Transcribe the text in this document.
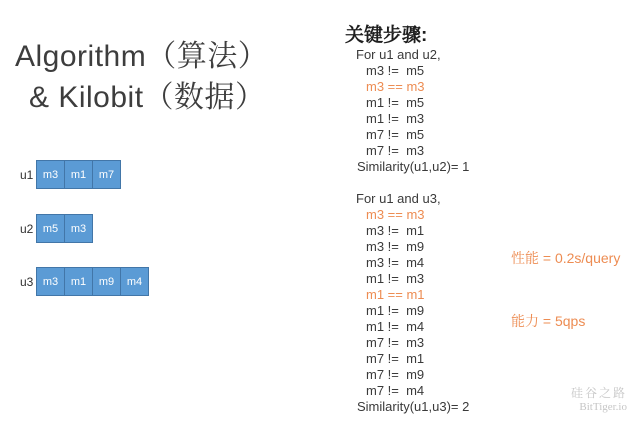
Algorithm（算法）
& Kilobit（数据）
u1 m3	m1	m7
u2 m5	m3
u3 m3	m1	m9	m4
关键步骤:
For u1 and u2,
m3 !=  m5
m3 == m3
m1 !=  m5
m1 !=  m3
m7 !=  m5
m7 !=  m3
Similarity(u1,u2)= 1
For u1 and u3,
m3 == m3
m3 !=  m1
m3 !=  m9
m3 !=  m4
m1 !=  m3
m1 == m1
m1 !=  m9
m1 !=  m4
m7 !=  m3
m7 !=  m1
m7 !=  m9
m7 !=  m4
Similarity(u1,u3)= 2

性能 = 0.2s/query

能力 = 5qps

硅谷之路
BitTiger.io
